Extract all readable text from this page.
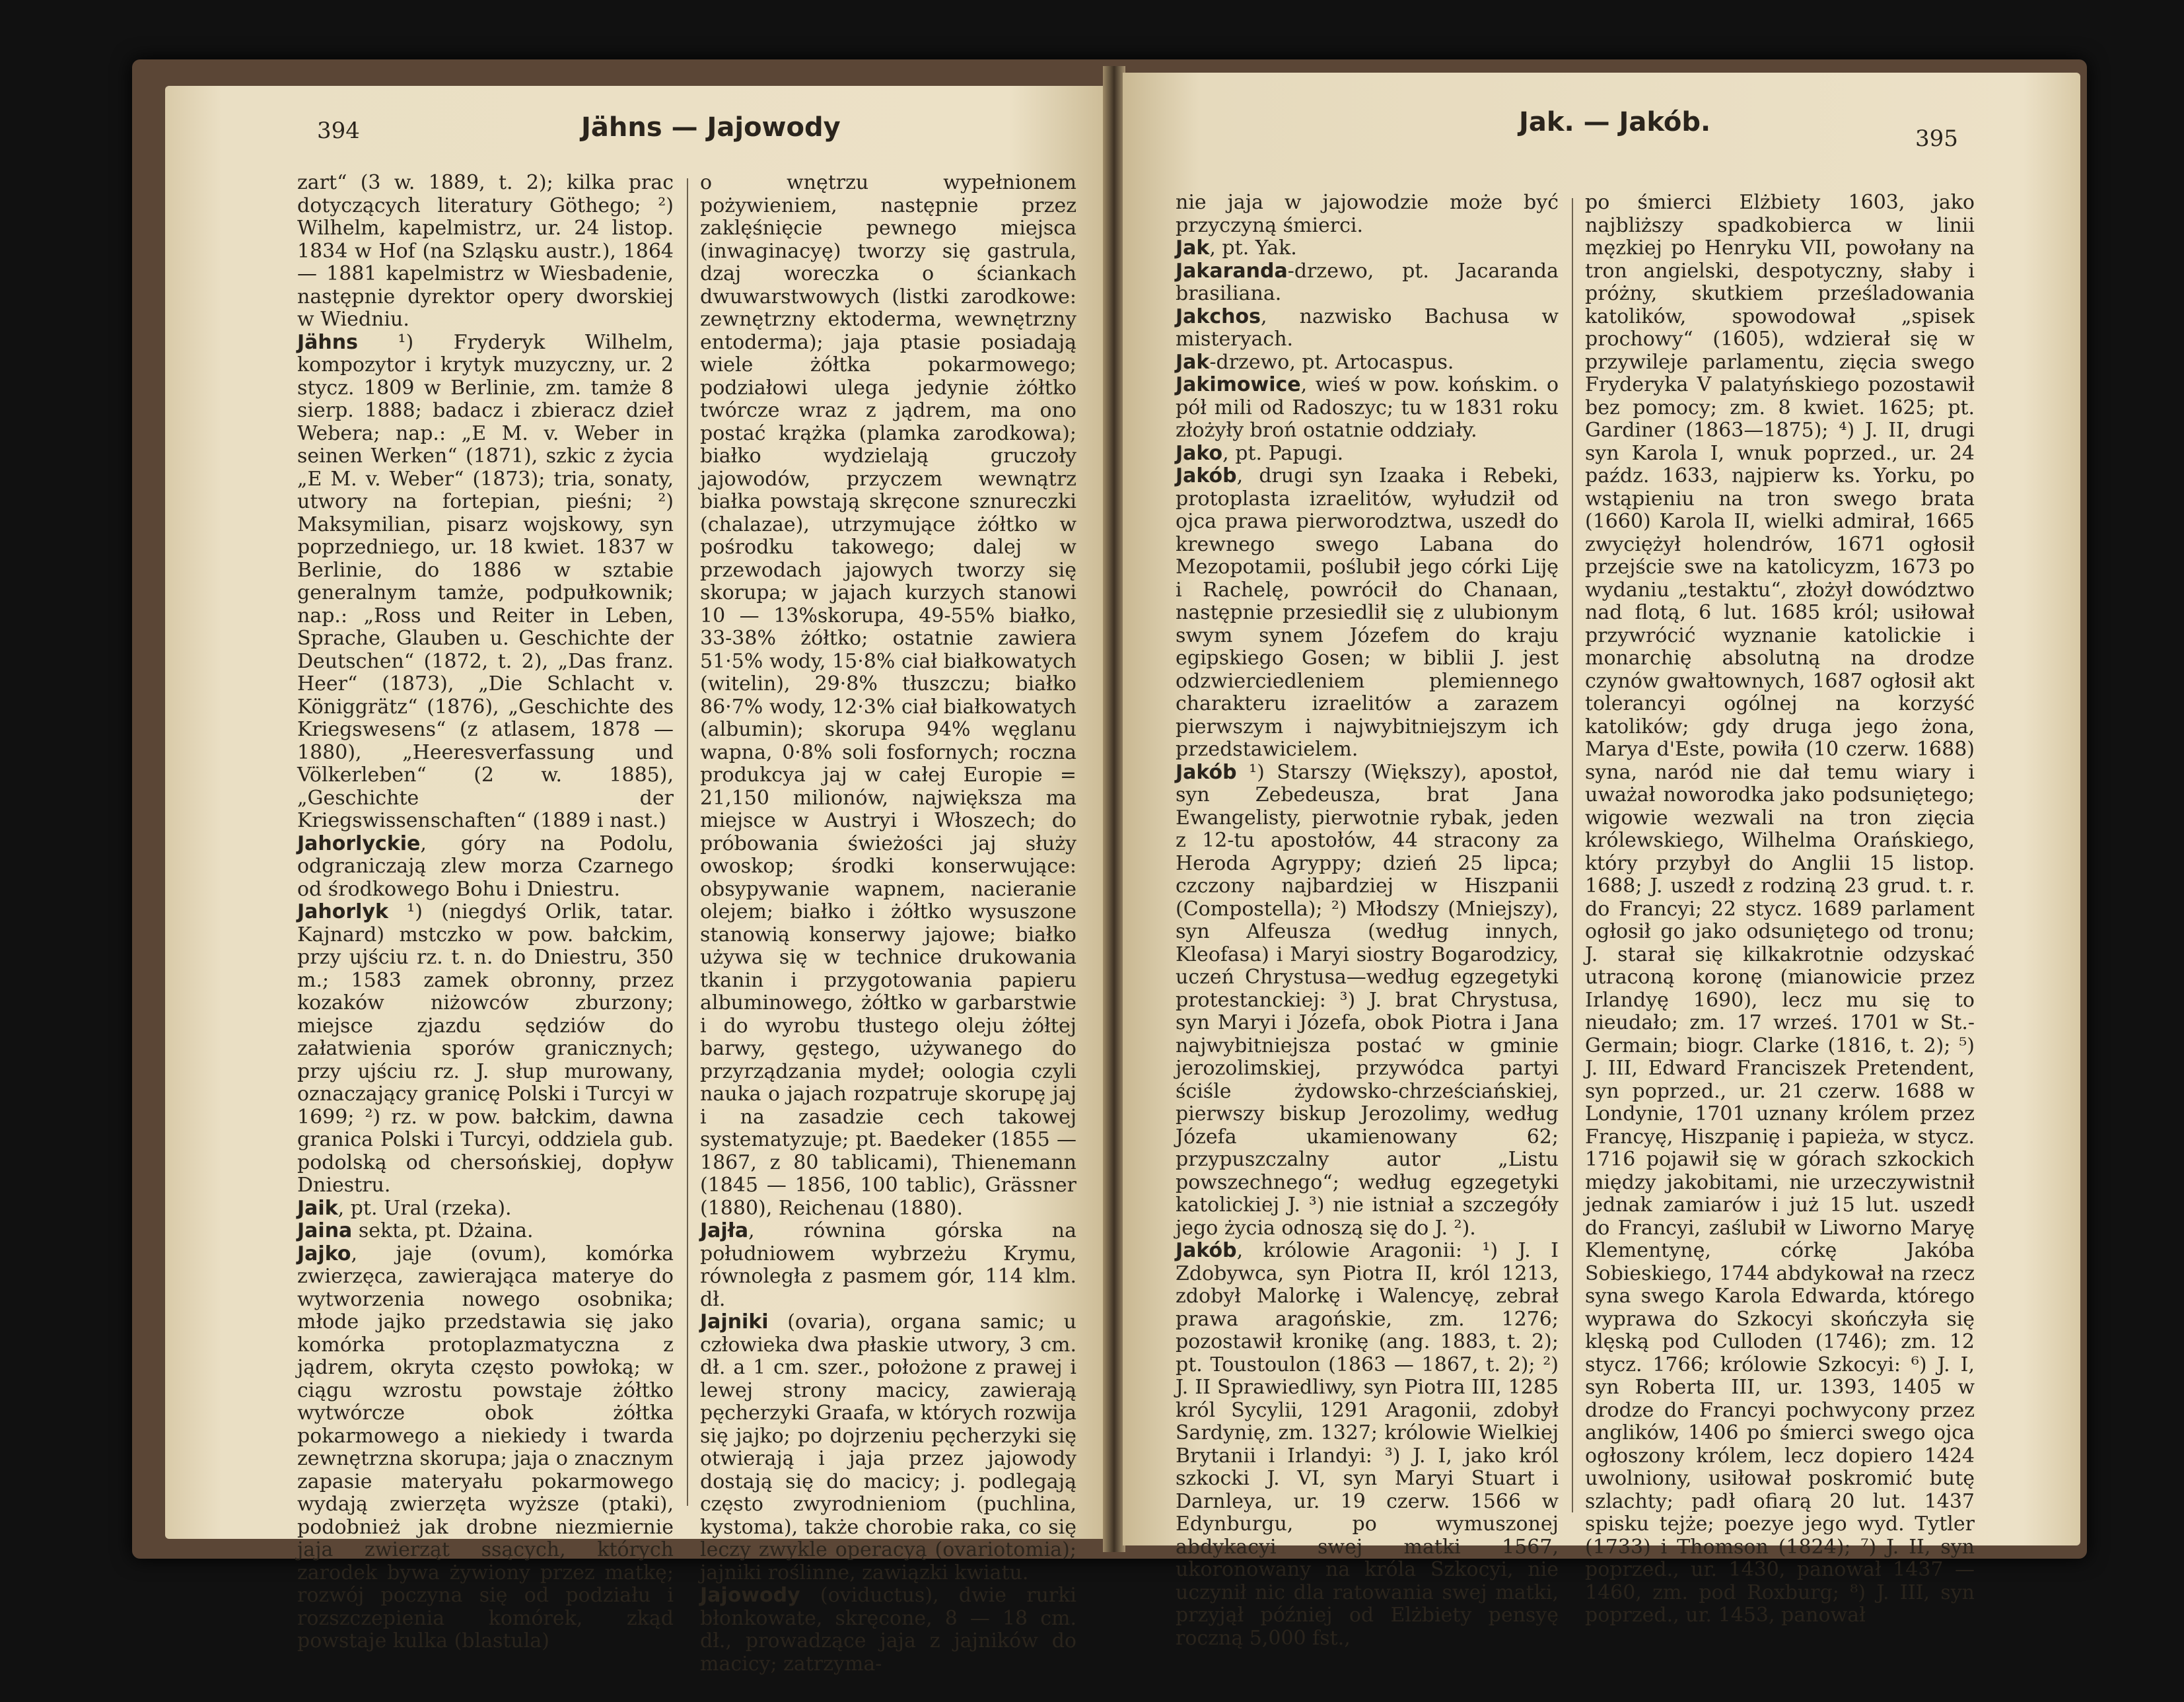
394	Jähns — Jajowody

zart“ (3 w. 1889, t. 2); kilka prac dotyczących literatury Göthego; ²) Wilhelm, kapelmistrz, ur. 24 listop. 1834 w Hof (na Szląsku austr.), 1864 — 1881 kapelmistrz w Wiesbadenie, następnie dyrektor opery dworskiej w Wiedniu.

Jähns ¹) Fryderyk Wilhelm, kompozytor i krytyk muzyczny, ur. 2 stycz. 1809 w Berlinie, zm. tamże 8 sierp. 1888; badacz i zbieracz dzieł Webera; nap.: „E M. v. Weber in seinen Werken“ (1871), szkic z życia „E M. v. Weber“ (1873); tria, sonaty, utwory na fortepian, pieśni; ²) Maksymilian, pisarz wojskowy, syn poprzedniego, ur. 18 kwiet. 1837 w Berlinie, do 1886 w sztabie generalnym tamże, podpułkownik; nap.: „Ross und Reiter in Leben, Sprache, Glauben u. Geschichte der Deutschen“ (1872, t. 2), „Das franz. Heer“ (1873), „Die Schlacht v. Königgrätz“ (1876), „Geschichte des Kriegswesens“ (z atlasem, 1878 — 1880), „Heeresverfassung und Völkerleben“ (2 w. 1885), „Geschichte der Kriegswissenschaften“ (1889 i nast.)

Jahorlyckie, góry na Podolu, odgraniczają zlew morza Czarnego od środkowego Bohu i Dniestru.

Jahorlyk ¹) (niegdyś Orlik, tatar. Kajnard) mstczko w pow. bałckim, przy ujściu rz. t. n. do Dniestru, 350 m.; 1583 zamek obronny, przez kozaków niżowców zburzony; miejsce zjazdu sędziów do załatwienia sporów granicznych; przy ujściu rz. J. słup murowany, oznaczający granicę Polski i Turcyi w 1699; ²) rz. w pow. bałckim, dawna granica Polski i Turcyi, oddziela gub. podolską od chersońskiej, dopływ Dniestru.

Jaik, pt. Ural (rzeka).

Jaina sekta, pt. Dżaina.

Jajko, jaje (ovum), komórka zwierzęca, zawierająca materye do wytworzenia nowego osobnika; młode jajko przedstawia się jako komórka protoplazmatyczna z jądrem, okryta często powłoką; w ciągu wzrostu powstaje żółtko wytwórcze obok żółtka pokarmowego a niekiedy i twarda zewnętrzna skorupa; jaja o znacznym zapasie materyału pokarmowego wydają zwierzęta wyższe (ptaki), podobnież jak drobne niezmiernie jaja zwierząt ssących, których zarodek bywa żywiony przez matkę; rozwój poczyna się od podziału i rozszczepienia komórek, zkąd powstaje kulka (blastula)

o wnętrzu wypełnionem pożywieniem, następnie przez zaklęśnięcie pewnego miejsca (inwaginacyę) tworzy się gastrula, dzaj woreczka o ściankach dwuwarstwowych (listki zarodkowe: zewnętrzny ektoderma, wewnętrzny entoderma); jaja ptasie posiadają wiele żółtka pokarmowego; podziałowi ulega jedynie żółtko twórcze wraz z jądrem, ma ono postać krążka (plamka zarodkowa); białko wydzielają gruczoły jajowodów, przyczem wewnątrz białka powstają skręcone sznureczki (chalazae), utrzymujące żółtko w pośrodku takowego; dalej w przewodach jajowych tworzy się skorupa; w jajach kurzych stanowi 10 — 13%skorupa, 49-55% białko, 33-38% żółtko; ostatnie zawiera 51·5% wody, 15·8% ciał białkowatych (witelin), 29·8% tłuszczu; białko 86·7% wody, 12·3% ciał białkowatych (albumin); skorupa 94% węglanu wapna, 0·8% soli fosfornych; roczna produkcya jaj w całej Europie = 21,150 milionów, największa ma miejsce w Austryi i Włoszech; do próbowania świeżości jaj służy owoskop; środki konserwujące: obsypywanie wapnem, nacieranie olejem; białko i żółtko wysuszone stanowią konserwy jajowe; białko używa się w technice drukowania tkanin i przygotowania papieru albuminowego, żółtko w garbarstwie i do wyrobu tłustego oleju żółtej barwy, gęstego, używanego do przyrządzania mydeł; oologia czyli nauka o jajach rozpatruje skorupę jaj i na zasadzie cech takowej systematyzuje; pt. Baedeker (1855 — 1867, z 80 tablicami), Thienemann (1845 — 1856, 100 tablic), Grässner (1880), Reichenau (1880).

Jajła, równina górska na południowem wybrzeżu Krymu, równoległa z pasmem gór, 114 klm. dł.

Jajniki (ovaria), organa samic; u człowieka dwa płaskie utwory, 3 cm. dł. a 1 cm. szer., położone z prawej i lewej strony macicy, zawierają pęcherzyki Graafa, w których rozwija się jajko; po dojrzeniu pęcherzyki się otwierają i jaja przez jajowody dostają się do macicy; j. podlegają często zwyrodnieniom (puchlina, kystoma), także chorobie raka, co się leczy zwykle operacyą (ovariotomia); jajniki roślinne, zawiązki kwiatu.

Jajowody (oviductus), dwie rurki błonkowate, skręcone, 8 — 18 cm. dł., prowadzące jaja z jajników do macicy; zatrzyma-

Jak. — Jakób.
395

nie jaja w jajowodzie może być przyczyną śmierci.

Jak, pt. Yak.

Jakaranda-drzewo, pt. Jacaranda brasiliana.

Jakchos, nazwisko Bachusa w misteryach.

Jak-drzewo, pt. Artocaspus.

Jakimowice, wieś w pow. końskim. o pół mili od Radoszyc; tu w 1831 roku złożyły broń ostatnie oddziały.

Jako, pt. Papugi.

Jakób, drugi syn Izaaka i Rebeki, protoplasta izraelitów, wyłudził od ojca prawa pierworodztwa, uszedł do krewnego swego Labana do Mezopotamii, poślubił jego córki Liję i Rachelę, powrócił do Chanaan, następnie przesiedlił się z ulubionym swym synem Józefem do kraju egipskiego Gosen; w biblii J. jest odzwierciedleniem plemiennego charakteru izraelitów a zarazem pierwszym i najwybitniejszym ich przedstawicielem.

Jakób ¹) Starszy (Większy), apostoł, syn Zebedeusza, brat Jana Ewangelisty, pierwotnie rybak, jeden z 12-tu apostołów, 44 stracony za Heroda Agryppy; dzień 25 lipca; czczony najbardziej w Hiszpanii (Compostella); ²) Młodszy (Mniejszy), syn Alfeusza (według innych, Kleofasa) i Maryi siostry Bogarodzicy, uczeń Chrystusa—według egzegetyki protestanckiej: ³) J. brat Chrystusa, syn Maryi i Józefa, obok Piotra i Jana najwybitniejsza postać w gminie jerozolimskiej, przywódca partyi ściśle żydowsko-chrześciańskiej, pierwszy biskup Jerozolimy, według Józefa ukamienowany 62; przypuszczalny autor „Listu powszechnego“; według egzegetyki katolickiej J. ³) nie istniał a szczegóły jego życia odnoszą się do J. ²).

Jakób, królowie Aragonii: ¹) J. I Zdobywca, syn Piotra II, król 1213, zdobył Malorkę i Walencyę, zebrał prawa aragońskie, zm. 1276; pozostawił kronikę (ang. 1883, t. 2); pt. Toustoulon (1863 — 1867, t. 2); ²) J. II Sprawiedliwy, syn Piotra III, 1285 król Sycylii, 1291 Aragonii, zdobył Sardynię, zm. 1327; królowie Wielkiej Brytanii i Irlandyi: ³) J. I, jako król szkocki J. VI, syn Maryi Stuart i Darnleya, ur. 19 czerw. 1566 w Edynburgu, po wymuszonej abdykacyi swej matki 1567, ukoronowany na króla Szkocyi, nie uczynił nic dla ratowania swej matki, przyjął później od Elżbiety pensyę roczną 5,000 fst.,

po śmierci Elżbiety 1603, jako najbliższy spadkobierca w linii męzkiej po Henryku VII, powołany na tron angielski, despotyczny, słaby i próżny, skutkiem prześladowania katolików, spowodował „spisek prochowy“ (1605), wdzierał się w przywileje parlamentu, zięcia swego Fryderyka V palatyńskiego pozostawił bez pomocy; zm. 8 kwiet. 1625; pt. Gardiner (1863—1875); ⁴) J. II, drugi syn Karola I, wnuk poprzed., ur. 24 paźdz. 1633, najpierw ks. Yorku, po wstąpieniu na tron swego brata (1660) Karola II, wielki admirał, 1665 zwyciężył holendrów, 1671 ogłosił przejście swe na katolicyzm, 1673 po wydaniu „testaktu“, złożył dowództwo nad flotą, 6 lut. 1685 król; usiłował przywrócić wyznanie katolickie i monarchię absolutną na drodze czynów gwałtownych, 1687 ogłosił akt tolerancyi ogólnej na korzyść katolików; gdy druga jego żona, Marya d'Este, powiła (10 czerw. 1688) syna, naród nie dał temu wiary i uważał noworodka jako podsuniętego; wigowie wezwali na tron zięcia królewskiego, Wilhelma Orańskiego, który przybył do Anglii 15 listop. 1688; J. uszedł z rodziną 23 grud. t. r. do Francyi; 22 stycz. 1689 parlament ogłosił go jako odsuniętego od tronu; J. starał się kilkakrotnie odzyskać utraconą koronę (mianowicie przez Irlandyę 1690), lecz mu się to nieudało; zm. 17 wrześ. 1701 w St.-Germain; biogr. Clarke (1816, t. 2); ⁵) J. III, Edward Franciszek Pretendent, syn poprzed., ur. 21 czerw. 1688 w Londynie, 1701 uznany królem przez Francyę, Hiszpanię i papieża, w stycz. 1716 pojawił się w górach szkockich między jakobitami, nie urzeczywistnił jednak zamiarów i już 15 lut. uszedł do Francyi, zaślubił w Liworno Maryę Klementynę, córkę Jakóba Sobieskiego, 1744 abdykował na rzecz syna swego Karola Edwarda, którego wyprawa do Szkocyi skończyła się klęską pod Culloden (1746); zm. 12 stycz. 1766; królowie Szkocyi: ⁶) J. I, syn Roberta III, ur. 1393, 1405 w drodze do Francyi pochwycony przez anglików, 1406 po śmierci swego ojca ogłoszony królem, lecz dopiero 1424 uwolniony, usiłował poskromić butę szlachty; padł ofiarą 20 lut. 1437 spisku tejże; poezye jego wyd. Tytler (1733) i Thomson (1824); ⁷) J. II, syn poprzed., ur. 1430, panował 1437 — 1460, zm. pod Roxburg; ⁸) J. III, syn poprzed., ur. 1453, panował
